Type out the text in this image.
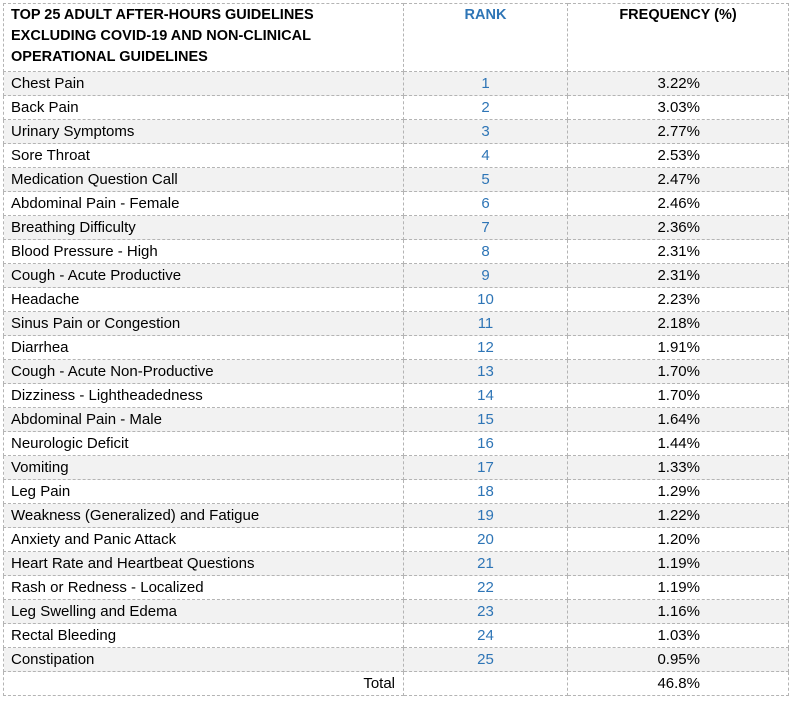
TOP 25 ADULT AFTER-HOURS GUIDELINES
EXCLUDING COVID-19 AND NON-CLINICAL
OPERATIONAL GUIDELINES	RANK	FREQUENCY (%)
Chest Pain	1	3.22%
Back Pain	2	3.03%
Urinary Symptoms	3	2.77%
Sore Throat	4	2.53%
Medication Question Call	5	2.47%
Abdominal Pain - Female	6	2.46%
Breathing Difficulty	7	2.36%
Blood Pressure - High	8	2.31%
Cough - Acute Productive	9	2.31%
Headache	10	2.23%
Sinus Pain or Congestion	11	2.18%
Diarrhea	12	1.91%
Cough - Acute Non-Productive	13	1.70%
Dizziness - Lightheadedness	14	1.70%
Abdominal Pain - Male	15	1.64%
Neurologic Deficit	16	1.44%
Vomiting	17	1.33%
Leg Pain	18	1.29%
Weakness (Generalized) and Fatigue	19	1.22%
Anxiety and Panic Attack	20	1.20%
Heart Rate and Heartbeat Questions	21	1.19%
Rash or Redness - Localized	22	1.19%
Leg Swelling and Edema	23	1.16%
Rectal Bleeding	24	1.03%
Constipation	25	0.95%
Total		46.8%
